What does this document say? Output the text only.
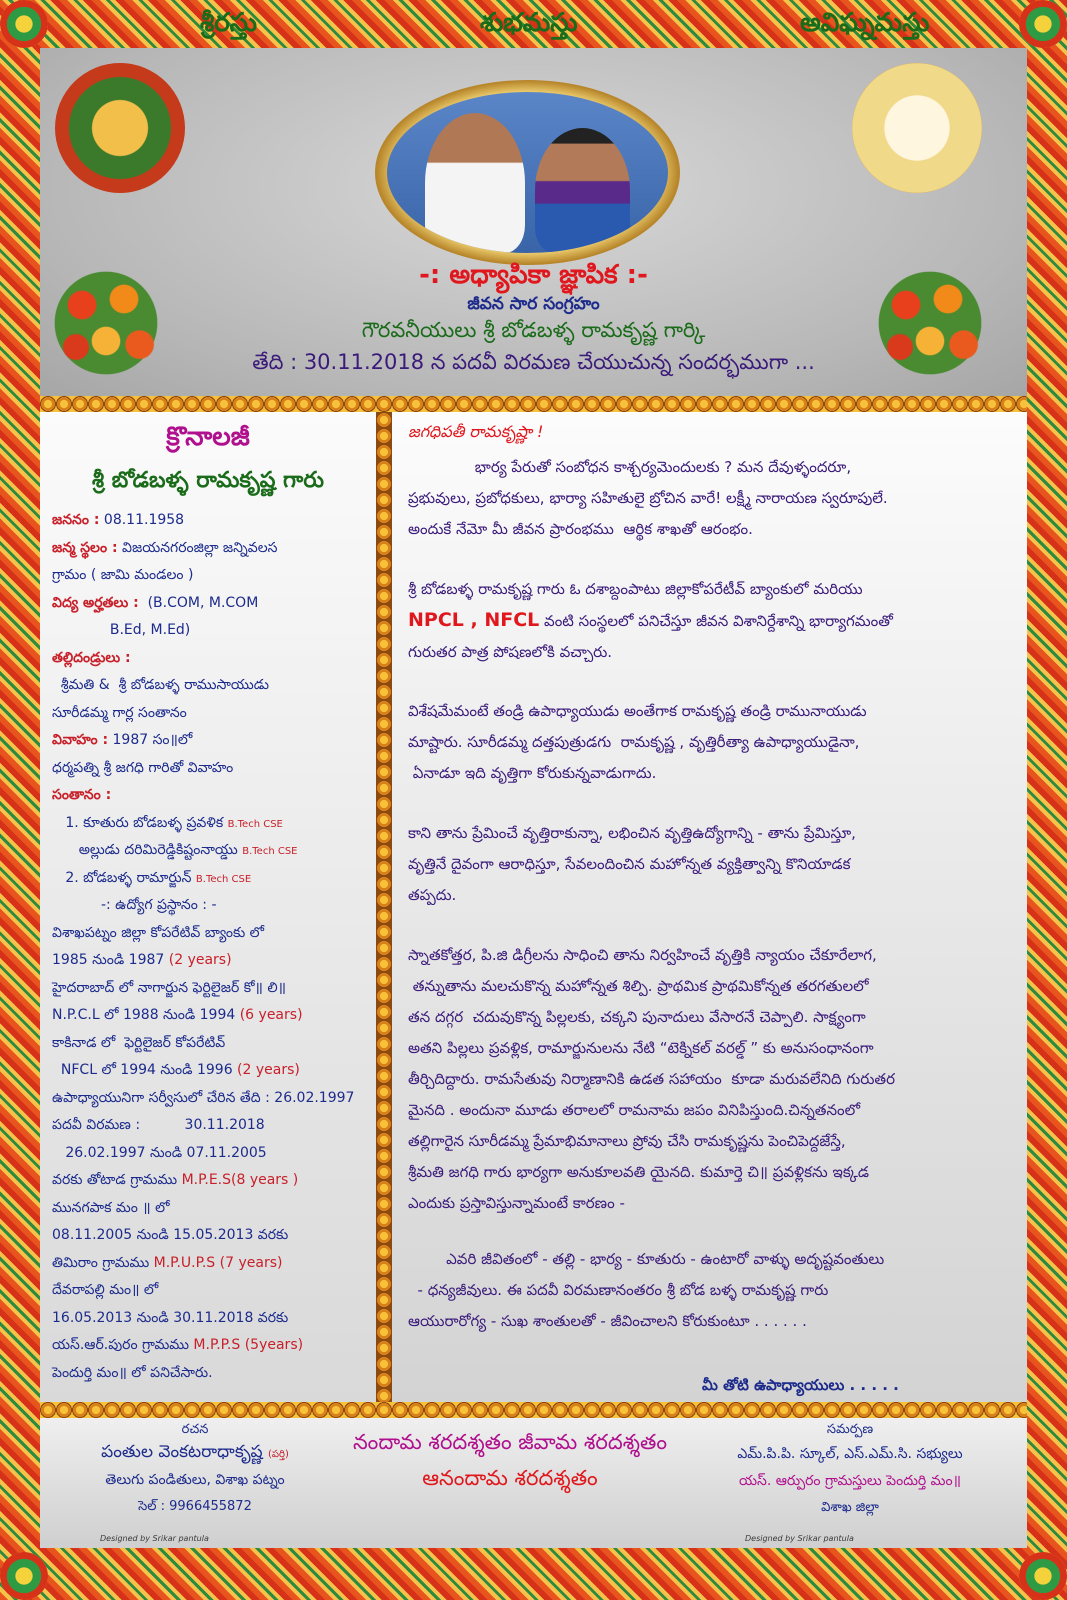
శ్రీరస్తు	శుభమస్తు	అవిఘ్నమస్తు
-: అధ్యాపికా జ్ఞాపిక :-
జీవన సార సంగ్రహం
గౌరవనీయులు శ్రీ బోడబళ్ళ రామకృష్ణ గార్కి
తేది : 30.11.2018 న పదవీ విరమణ చేయుచున్న సందర్భముగా ...
క్రొనాలజీ
శ్రీ బోడబళ్ళ రామకృష్ణ గారు
జననం : 08.11.1958
జన్మ స్థలం : విజయనగరంజిల్లా జన్నివలస
గ్రామం ( జామి మండలం )
విద్య అర్హతలు :  (B.COM, M.COM
B.Ed, M.Ed)
తల్లిదండ్రులు :
శ్రీమతి &  శ్రీ బోడబళ్ళ రాముసాయుడు
సూరీడమ్మ గార్ల సంతానం
వివాహం : 1987 సం॥లో
ధర్మపత్ని శ్రీ జగధి గారితో వివాహం
సంతానం :
1. కూతురు బోడబళ్ళ ప్రవళిక B.Tech CSE
అల్లుడు దరిమిరెడ్డికిష్టంనాయ్డు B.Tech CSE
2. బోడబళ్ళ రామార్జున్ B.Tech CSE
-: ఉద్యోగ ప్రస్థానం : -
విశాఖపట్నం జిల్లా కోపరేటివ్ బ్యాంకు లో
1985 నుండి 1987 (2 years)
హైదరాబాద్ లో నాగార్జున ఫెర్టిలైజర్ కో॥ లి॥
N.P.C.L లో 1988 నుండి 1994 (6 years)
కాకినాడ లో  ఫెర్టిలైజర్ కోపరేటివ్
NFCL లో 1994 నుండి 1996 (2 years)
ఉపాధ్యాయునిగా సర్వీసులో చేరిన తేది : 26.02.1997
పదవీ విరమణ :          30.11.2018
26.02.1997 నుండి 07.11.2005
వరకు తోటాడ గ్రామము M.P.E.S(8 years )
మునగపాక మం ॥ లో
08.11.2005 నుండి 15.05.2013 వరకు
తిమిరాం గ్రామము M.P.U.P.S (7 years)
దేవరాపల్లి మం॥ లో
16.05.2013 నుండి 30.11.2018 వరకు
యస్.ఆర్.పురం గ్రామము M.P.P.S (5years)
పెందుర్తి మం॥ లో పనిచేసారు.
జగధిపతీ రామకృష్ణా !
భార్య పేరుతో సంబోధన కాశ్చర్యమెందులకు ? మన దేవుళ్ళందరూ,
ప్రభువులు, ప్రబోధకులు, భార్యా సహితులై బ్రోచిన వారే! లక్ష్మీ నారాయణ స్వరూపులే.
అందుకే నేమో మీ జీవన ప్రారంభము  ఆర్థిక శాఖతో ఆరంభం.
శ్రీ బోడబళ్ళ రామకృష్ణ గారు ఓ దశాబ్దంపాటు జిల్లాకోపరేటీవ్ బ్యాంకులో మరియు
NPCL , NFCL వంటి సంస్థలలో పనిచేస్తూ జీవన విశానిర్దేశాన్ని భార్యాగమంతో
గురుతర పాత్ర పోషణలోకి వచ్చారు.
విశేషమేమంటే తండ్రి ఉపాధ్యాయుడు అంతేగాక రామకృష్ణ తండ్రి రామునాయుడు
మాష్టారు. సూరీడమ్మ దత్తపుత్రుడగు  రామకృష్ణ , వృత్తిరీత్యా ఉపాధ్యాయుడైనా,
ఏనాడూ ఇది వృత్తిగా కోరుకున్నవాడుగాదు.
కాని తాను ప్రేమించే వృత్తిరాకున్నా, లభించిన వృత్తిఉద్యోగాన్ని - తాను ప్రేమిస్తూ,
వృత్తినే దైవంగా ఆరాధిస్తూ, సేవలందించిన మహోన్నత వ్యక్తిత్వాన్ని కొనియాడక
తప్పదు.
స్నాతకోత్తర, పి.జి డిగ్రీలను సాధించి తాను నిర్వహించే వృత్తికి న్యాయం చేకూరేలాగ,
తన్నుతాను మలచుకొన్న మహోన్నత శిల్పి. ప్రాథమిక ప్రాథమికోన్నత తరగతులలో
తన దగ్గర  చదువుకొన్న పిల్లలకు, చక్కని పునాదులు వేసారనే చెప్పాలి. సాక్ష్యంగా
అతని పిల్లలు ప్రవళ్లిక, రామార్జునులను నేటి “టెక్నికల్ వరల్డ్ ” కు అనుసంధానంగా
తీర్చిదిద్దారు. రామసేతువు నిర్మాణానికి ఉడత సహాయం  కూడా మరువలేనిది గురుతర
మైనది . అందునా మూడు తరాలలో రామనామ జపం వినిపిస్తుంది.చిన్నతనంలో
తల్లిగారైన సూరీడమ్మ ప్రేమాభిమానాలు ప్రోవు చేసి రామకృష్ణను పెంచిపెద్దజేస్తే,
శ్రీమతి జగధి గారు భార్యగా అనుకూలవతి యైనది. కుమార్తె చి॥ ప్రవళ్లికను ఇక్కడ
ఎందుకు ప్రస్తావిస్తున్నామంటే కారణం -
ఎవరి జీవితంలో - తల్లి - భార్య - కూతురు - ఉంటారో వాళ్ళు అదృష్టవంతులు
- ధన్యజీవులు. ఈ పదవీ విరమణానంతరం శ్రీ బోడ బళ్ళ రామకృష్ణ గారు
ఆయురారోగ్య - సుఖ శాంతులతో - జీవించాలని కోరుకుంటూ . . . . . .
మీ తోటి ఉపాధ్యాయులు . . . . .
రచన
పంతుల వెంకటరాధాకృష్ణ (పర్తి)
తెలుగు పండితులు, విశాఖ పట్నం
సెల్ : 9966455872
నందామ శరదశ్శతం జీవామ శరదశ్శతం
ఆనందామ శరదశ్శతం
సమర్పణ
ఎమ్.పి.పి. స్కూల్, ఎస్.ఎమ్.సి. సభ్యులు
యస్. ఆర్పురం గ్రామస్తులు పెందుర్తి మం॥
విశాఖ జిల్లా
Designed by Srikar pantula	Designed by Srikar pantula
